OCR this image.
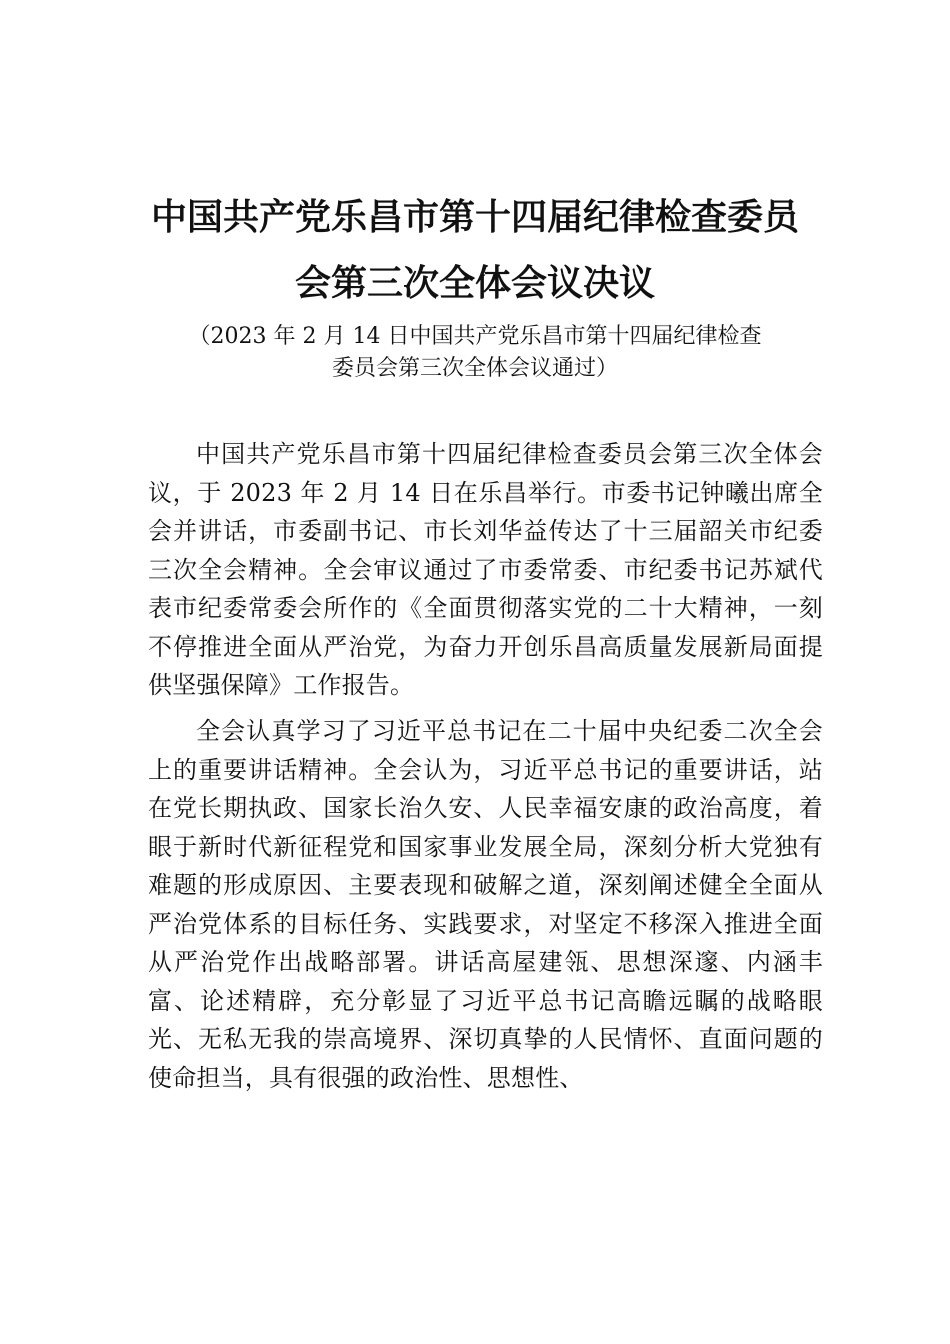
中国共产党乐昌市第十四届纪律检查委员
会第三次全体会议决议
（2023 年 2 月 14 日中国共产党乐昌市第十四届纪律检查
委员会第三次全体会议通过）
中国共产党乐昌市第十四届纪律检查委员会第三次全体会议，于 2023 年 2 月 14 日在乐昌举行。市委书记钟曦出席全会并讲话，市委副书记、市长刘华益传达了十三届韶关市纪委三次全会精神。全会审议通过了市委常委、市纪委书记苏斌代表市纪委常委会所作的《全面贯彻落实党的二十大精神，一刻不停推进全面从严治党，为奋力开创乐昌高质量发展新局面提供坚强保障》工作报告。
全会认真学习了习近平总书记在二十届中央纪委二次全会上的重要讲话精神。全会认为，习近平总书记的重要讲话，站在党长期执政、国家长治久安、人民幸福安康的政治高度，着眼于新时代新征程党和国家事业发展全局，深刻分析大党独有难题的形成原因、主要表现和破解之道，深刻阐述健全全面从严治党体系的目标任务、实践要求，对坚定不移深入推进全面从严治党作出战略部署。讲话高屋建瓴、思想深邃、内涵丰富、论述精辟，充分彰显了习近平总书记高瞻远瞩的战略眼光、无私无我的崇高境界、深切真挚的人民情怀、直面问题的使命担当，具有很强的政治性、思想性、
